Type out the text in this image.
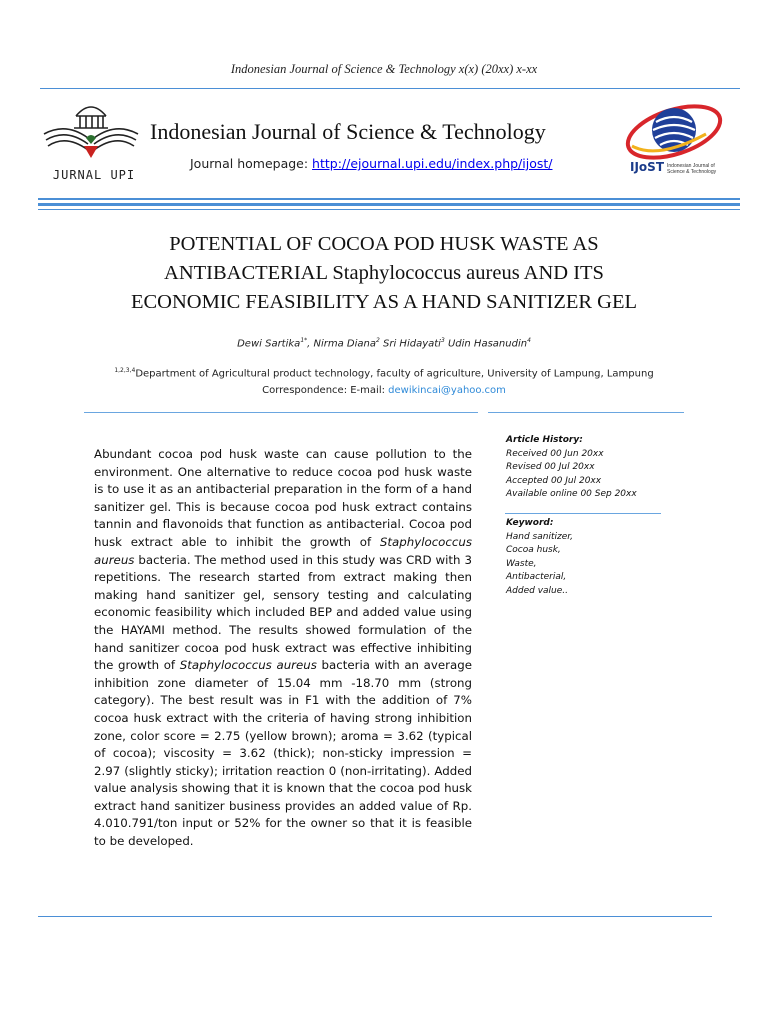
Indonesian Journal of Science & Technology x(x) (20xx) x-xx
JURNAL UPI
Indonesian Journal of Science & Technology
Journal homepage: http://ejournal.upi.edu/index.php/ijost/	IJoST Indonesian Journal of Science & Technology
POTENTIAL OF COCOA POD HUSK WASTE AS
ANTIBACTERIAL Staphylococcus aureus AND ITS
ECONOMIC FEASIBILITY AS A HAND SANITIZER GEL
Dewi Sartika$^{1*}$, Nirma Diana$^2$ Sri Hidayati$^3$ Udin Hasanudin$^4$
$^{1,2,3,4}$Department of Agricultural product technology, faculty of agriculture, University of Lampung, Lampung
Correspondence: E-mail: dewikincai@yahoo.com
Abundant cocoa pod husk waste can cause pollution to the environment. One alternative to reduce cocoa pod husk waste is to use it as an antibacterial preparation in the form of a hand sanitizer gel. This is because cocoa pod husk extract contains tannin and flavonoids that function as antibacterial. Cocoa pod husk extract able to inhibit the growth of Staphylococcus aureus bacteria. The method used in this study was CRD with 3 repetitions. The research started from extract making then making hand sanitizer gel, sensory testing and calculating economic feasibility which included BEP and added value using the HAYAMI method. The results showed formulation of the hand sanitizer cocoa pod husk extract was effective inhibiting the growth of Staphylococcus aureus bacteria with an average inhibition zone diameter of 15.04 mm -18.70 mm (strong category). The best result was in F1 with the addition of 7% cocoa husk extract with the criteria of having strong inhibition zone, color score = 2.75 (yellow brown); aroma = 3.62 (typical of cocoa); viscosity = 3.62 (thick); non-sticky impression = 2.97 (slightly sticky); irritation reaction 0 (non-irritating). Added value analysis showing that it is known that the cocoa pod husk extract hand sanitizer business provides an added value of Rp. 4.010.791/ton input or 52% for the owner so that it is feasible to be developed.
Article History:
Received 00 Jun 20xx
Revised 00 Jul 20xx
Accepted 00 Jul 20xx
Available online 00 Sep 20xx
Keyword:
Hand sanitizer,
Cocoa husk,
Waste,
Antibacterial,
Added value..
